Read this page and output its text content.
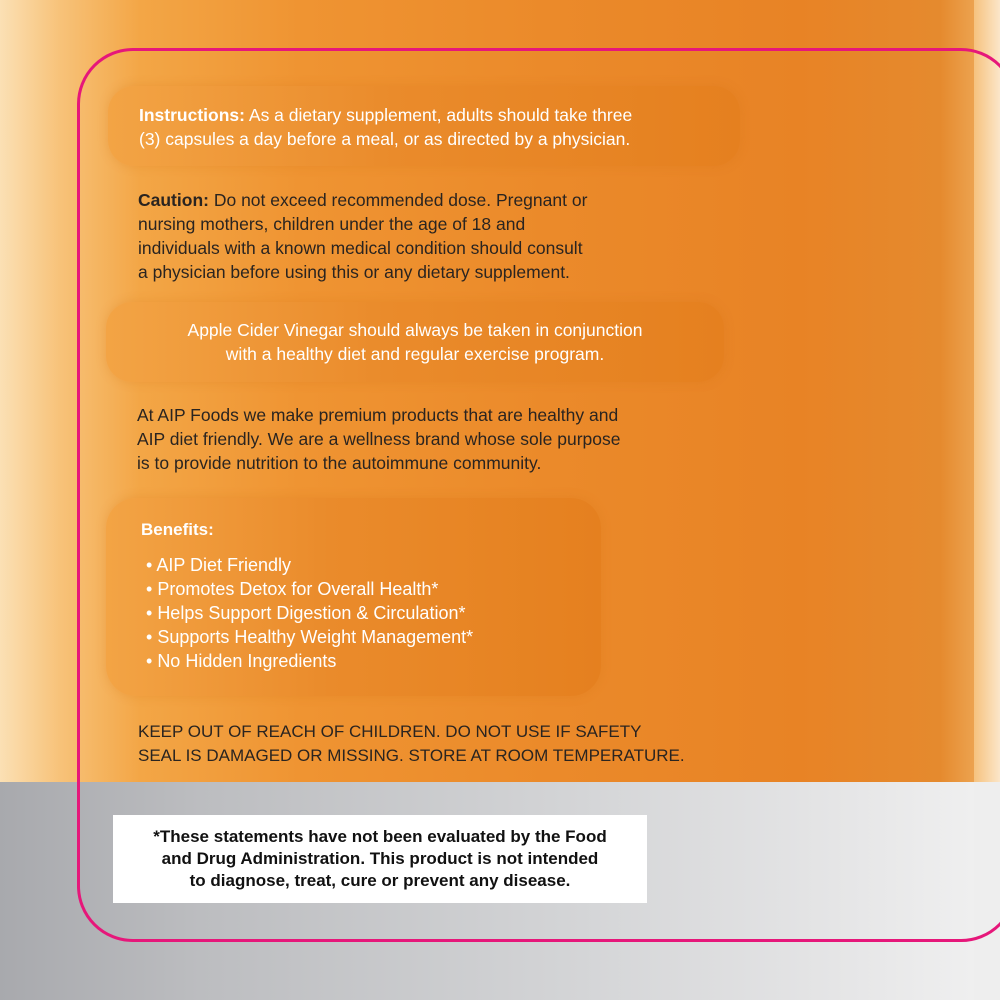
Instructions: As a dietary supplement, adults should take three
(3) capsules a day before a meal, or as directed by a physician.
Caution: Do not exceed recommended dose. Pregnant or
nursing mothers, children under the age of 18 and
individuals with a known medical condition should consult
a physician before using this or any dietary supplement.
Apple Cider Vinegar should always be taken in conjunction
with a healthy diet and regular exercise program.
At AIP Foods we make premium products that are healthy and
AIP diet friendly. We are a wellness brand whose sole purpose
is to provide nutrition to the autoimmune community.
Benefits:
• AIP Diet Friendly
• Promotes Detox for Overall Health*
• Helps Support Digestion & Circulation*
• Supports Healthy Weight Management*
• No Hidden Ingredients
KEEP OUT OF REACH OF CHILDREN. DO NOT USE IF SAFETY
SEAL IS DAMAGED OR MISSING. STORE AT ROOM TEMPERATURE.
*These statements have not been evaluated by the Food
and Drug Administration. This product is not intended
to diagnose, treat, cure or prevent any disease.
